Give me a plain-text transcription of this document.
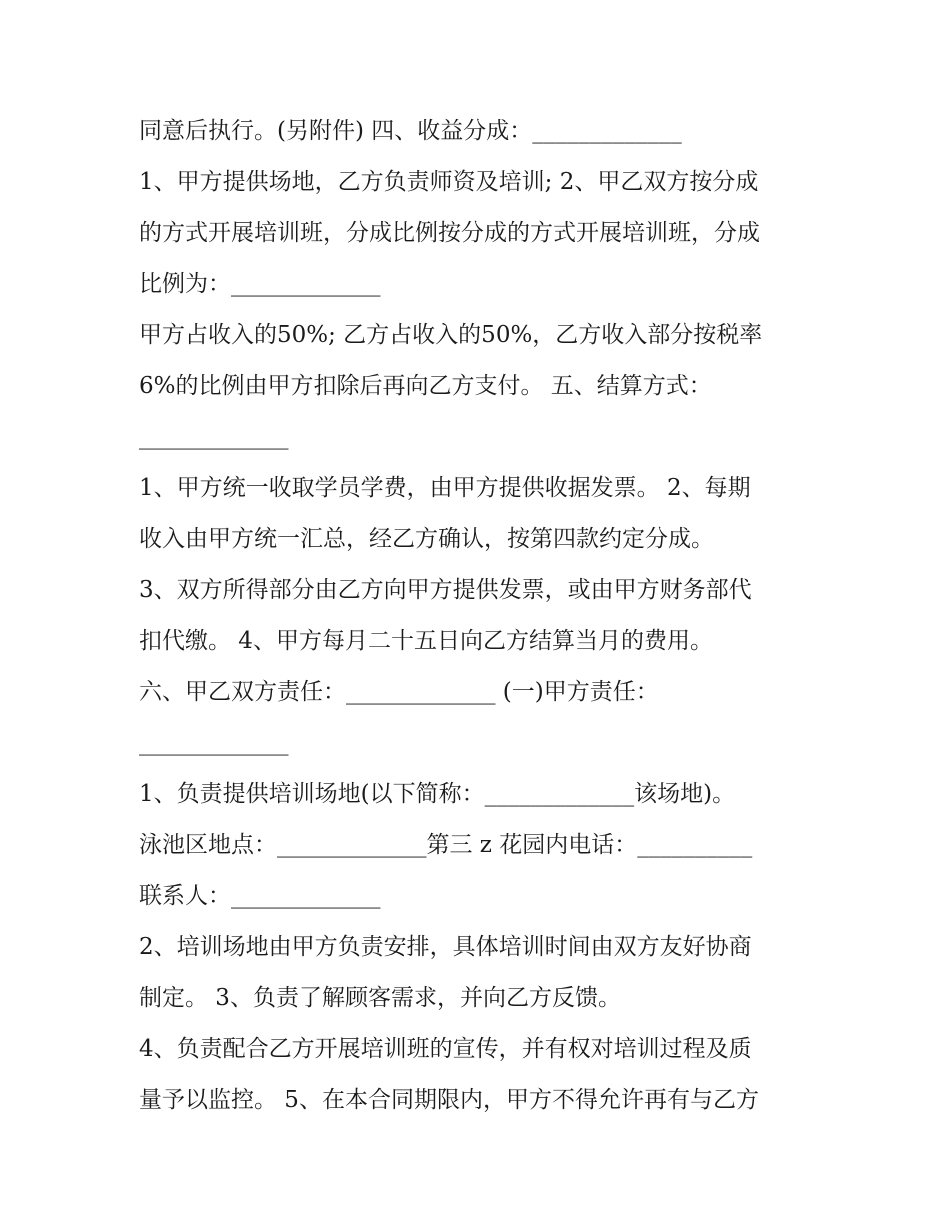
同意后执行。(另附件) 四、收益分成：_____________
1、甲方提供场地，乙方负责师资及培训; 2、甲乙双方按分成
的方式开展培训班，分成比例按分成的方式开展培训班，分成
比例为：_____________
甲方占收入的50%; 乙方占收入的50%，乙方收入部分按税率
6%的比例由甲方扣除后再向乙方支付。 五、结算方式：
_____________
1、甲方统一收取学员学费，由甲方提供收据发票。 2、每期
收入由甲方统一汇总，经乙方确认，按第四款约定分成。
3、双方所得部分由乙方向甲方提供发票，或由甲方财务部代
扣代缴。 4、甲方每月二十五日向乙方结算当月的费用。
六、甲乙双方责任：_____________ (一)甲方责任：
_____________
1、负责提供培训场地(以下简称：_____________该场地)。
泳池区地点：_____________第三 z 花园内电话：__________
联系人：_____________
2、培训场地由甲方负责安排，具体培训时间由双方友好协商
制定。 3、负责了解顾客需求，并向乙方反馈。
4、负责配合乙方开展培训班的宣传，并有权对培训过程及质
量予以监控。 5、在本合同期限内，甲方不得允许再有与乙方
